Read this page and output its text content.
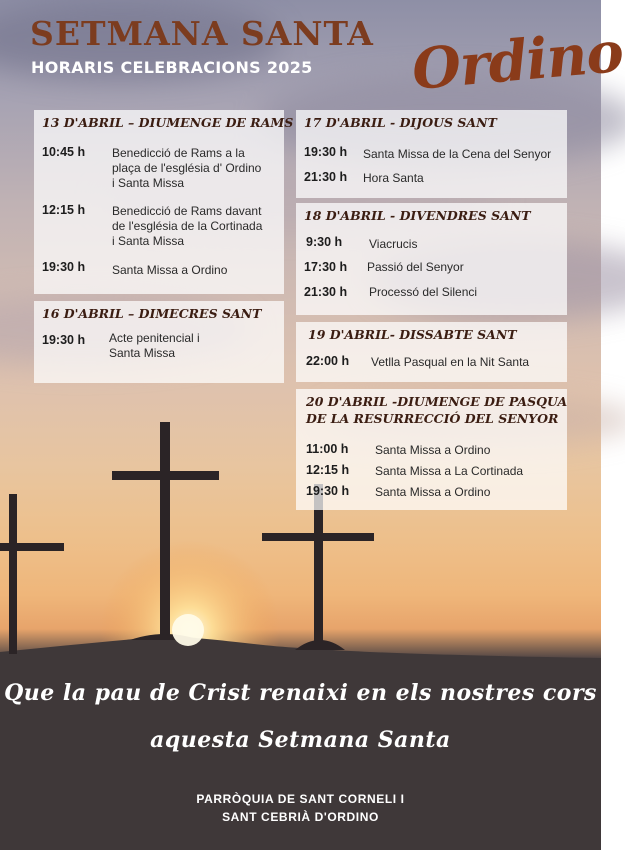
SETMANA SANTA
HORARIS CELEBRACIONS 2025 Ordino
13 D'ABRIL – DIUMENGE DE RAMS
10:45 h Benedicció de Rams a la
plaça de l'església d' Ordino
i Santa Missa
12:15 h Benedicció de Rams davant
de l'església de la Cortinada
i Santa Missa
19:30 h Santa Missa a Ordino
16 D'ABRIL – DIMECRES SANT
19:30 h Acte penitencial i
Santa Missa
17 D'ABRIL - DIJOUS SANT
19:30 h Santa Missa de la Cena del Senyor
21:30 h Hora Santa
18 D'ABRIL - DIVENDRES SANT
9:30 h Viacrucis
17:30 h Passió del Senyor
21:30 h Processó del Silenci
19 D'ABRIL- DISSABTE SANT
22:00 h Vetlla Pasqual en la Nit Santa
20 D'ABRIL -DIUMENGE DE PASQUA
DE LA RESURRECCIÓ DEL SENYOR
11:00 h Santa Missa a Ordino
12:15 h Santa Missa a La Cortinada
19:30 h Santa Missa a Ordino
Que la pau de Crist renaixi en els nostres cors
aquesta Setmana Santa
PARRÒQUIA DE SANT CORNELI I
SANT CEBRIÀ D'ORDINO
